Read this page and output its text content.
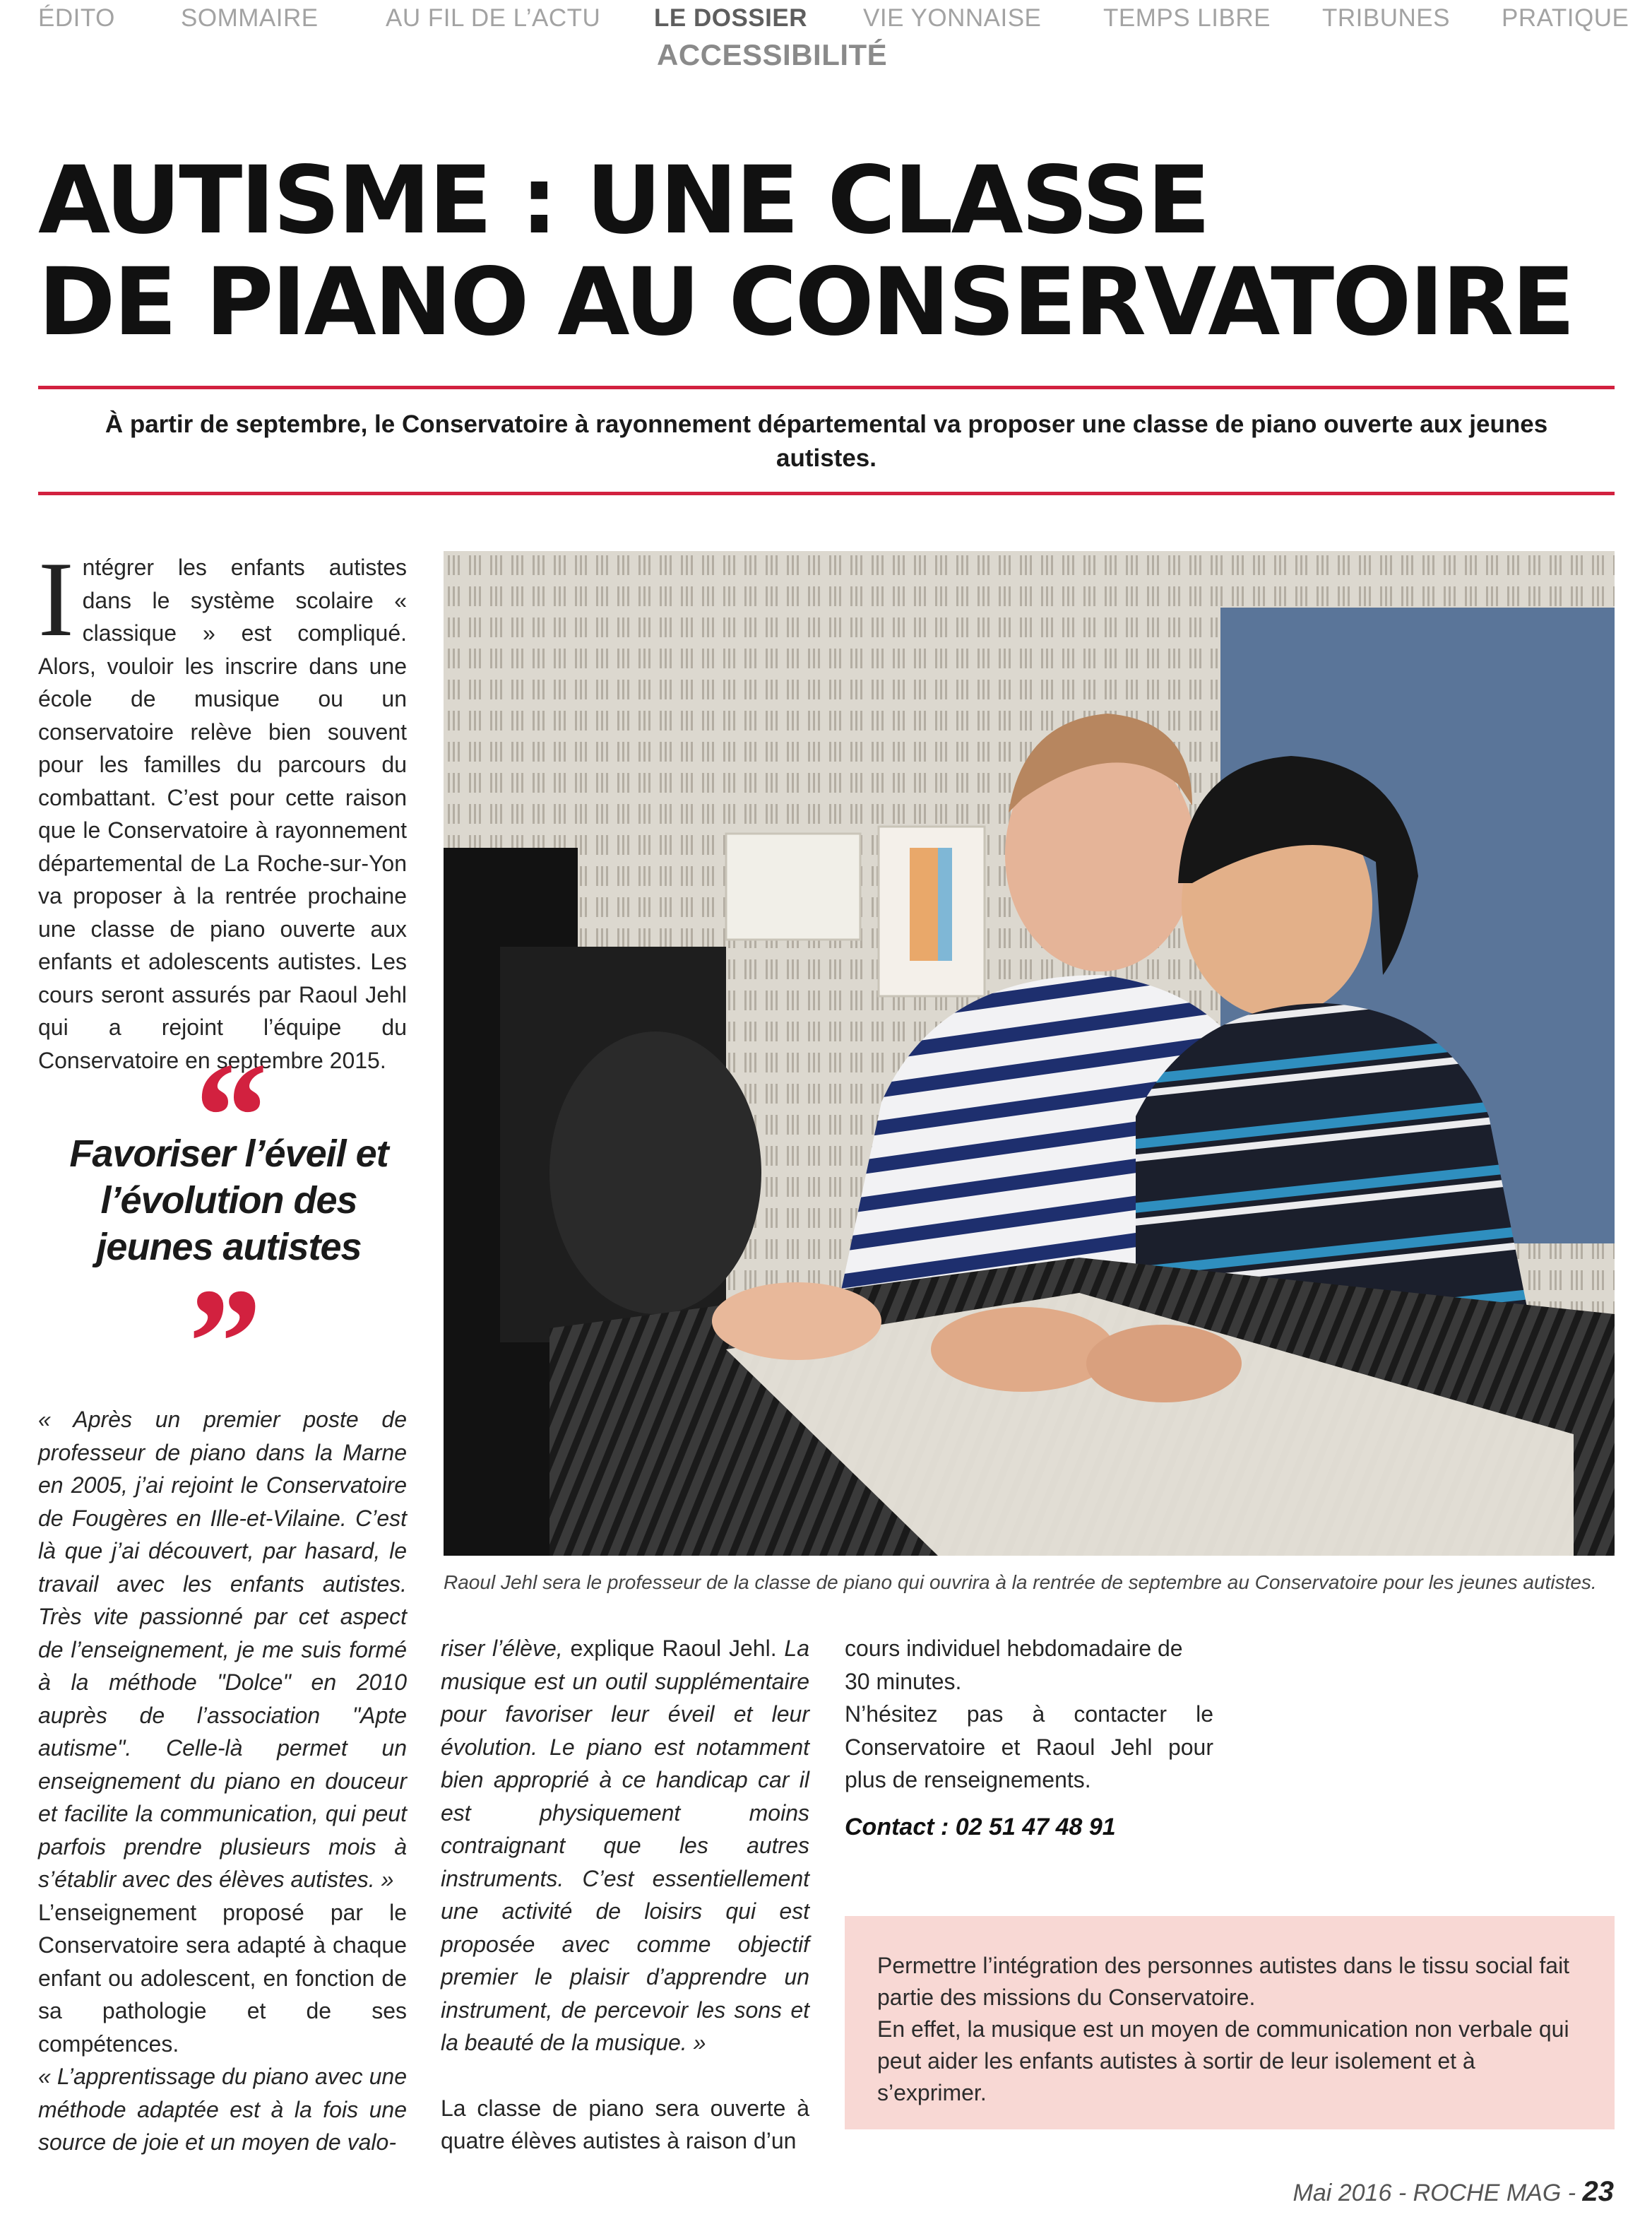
ÉDITO	SOMMAIRE	AU FIL DE L’ACTU LE DOSSIER VIE YONNAISE	TEMPS LIBRE TRIBUNES PRATIQUE
ACCESSIBILITÉ
AUTISME : UNE CLASSE
DE PIANO AU CONSERVATOIRE

À partir de septembre, le Conservatoire à rayonnement départemental va proposer une classe de piano ouverte aux jeunes autistes.

Intégrer les enfants autistes dans le système scolaire « classique » est compliqué. Alors, vouloir les inscrire dans une école de musique ou un conservatoire relève bien souvent pour les familles du parcours du combattant. C’est pour cette raison que le Conservatoire à rayonnement départemental de La Roche-sur-Yon va proposer à la rentrée prochaine une classe de piano ouverte aux enfants et adolescents autistes. Les cours seront assurés par Raoul Jehl qui a rejoint l’équipe du Conservatoire en septembre 2015.

“
Favoriser l’éveil et l’évolution des jeunes autistes
”

« Après un premier poste de professeur de piano dans la Marne en 2005, j’ai rejoint le Conservatoire de Fougères en Ille-et-Vilaine. C’est là que j’ai découvert, par hasard, le travail avec les enfants autistes. Très vite passionné par cet aspect de l’enseignement, je me suis formé à la méthode "Dolce" en 2010 auprès de l’association "Apte autisme". Celle-là permet un enseignement du piano en douceur et facilite la communication, qui peut parfois prendre plusieurs mois à s’établir avec des élèves autistes. »

L’enseignement proposé par le Conservatoire sera adapté à chaque enfant ou adolescent, en fonction de sa pathologie et de ses compétences.

« L’apprentissage du piano avec une méthode adaptée est à la fois une source de joie et un moyen de valo-

Raoul Jehl sera le professeur de la classe de piano qui ouvrira à la rentrée de septembre au Conservatoire pour les jeunes autistes.

riser l’élève, explique Raoul Jehl. La musique est un outil supplémentaire pour favoriser leur éveil et leur évolution. Le piano est notamment bien approprié à ce handicap car il est physiquement moins contraignant que les autres instruments. C’est essentiellement une activité de loisirs qui est proposée avec comme objectif premier le plaisir d’apprendre un instrument, de percevoir les sons et la beauté de la musique. »

La classe de piano sera ouverte à quatre élèves autistes à raison d’un

cours individuel hebdomadaire de 30 minutes.

N’hésitez pas à contacter le Conservatoire et Raoul Jehl pour plus de renseignements.

Contact : 02 51 47 48 91

Permettre l’intégration des personnes autistes dans le tissu social fait partie des missions du Conservatoire.

En effet, la musique est un moyen de communication non verbale qui peut aider les enfants autistes à sortir de leur isolement et à s’exprimer.

Mai 2016 - ROCHE MAG - 23
